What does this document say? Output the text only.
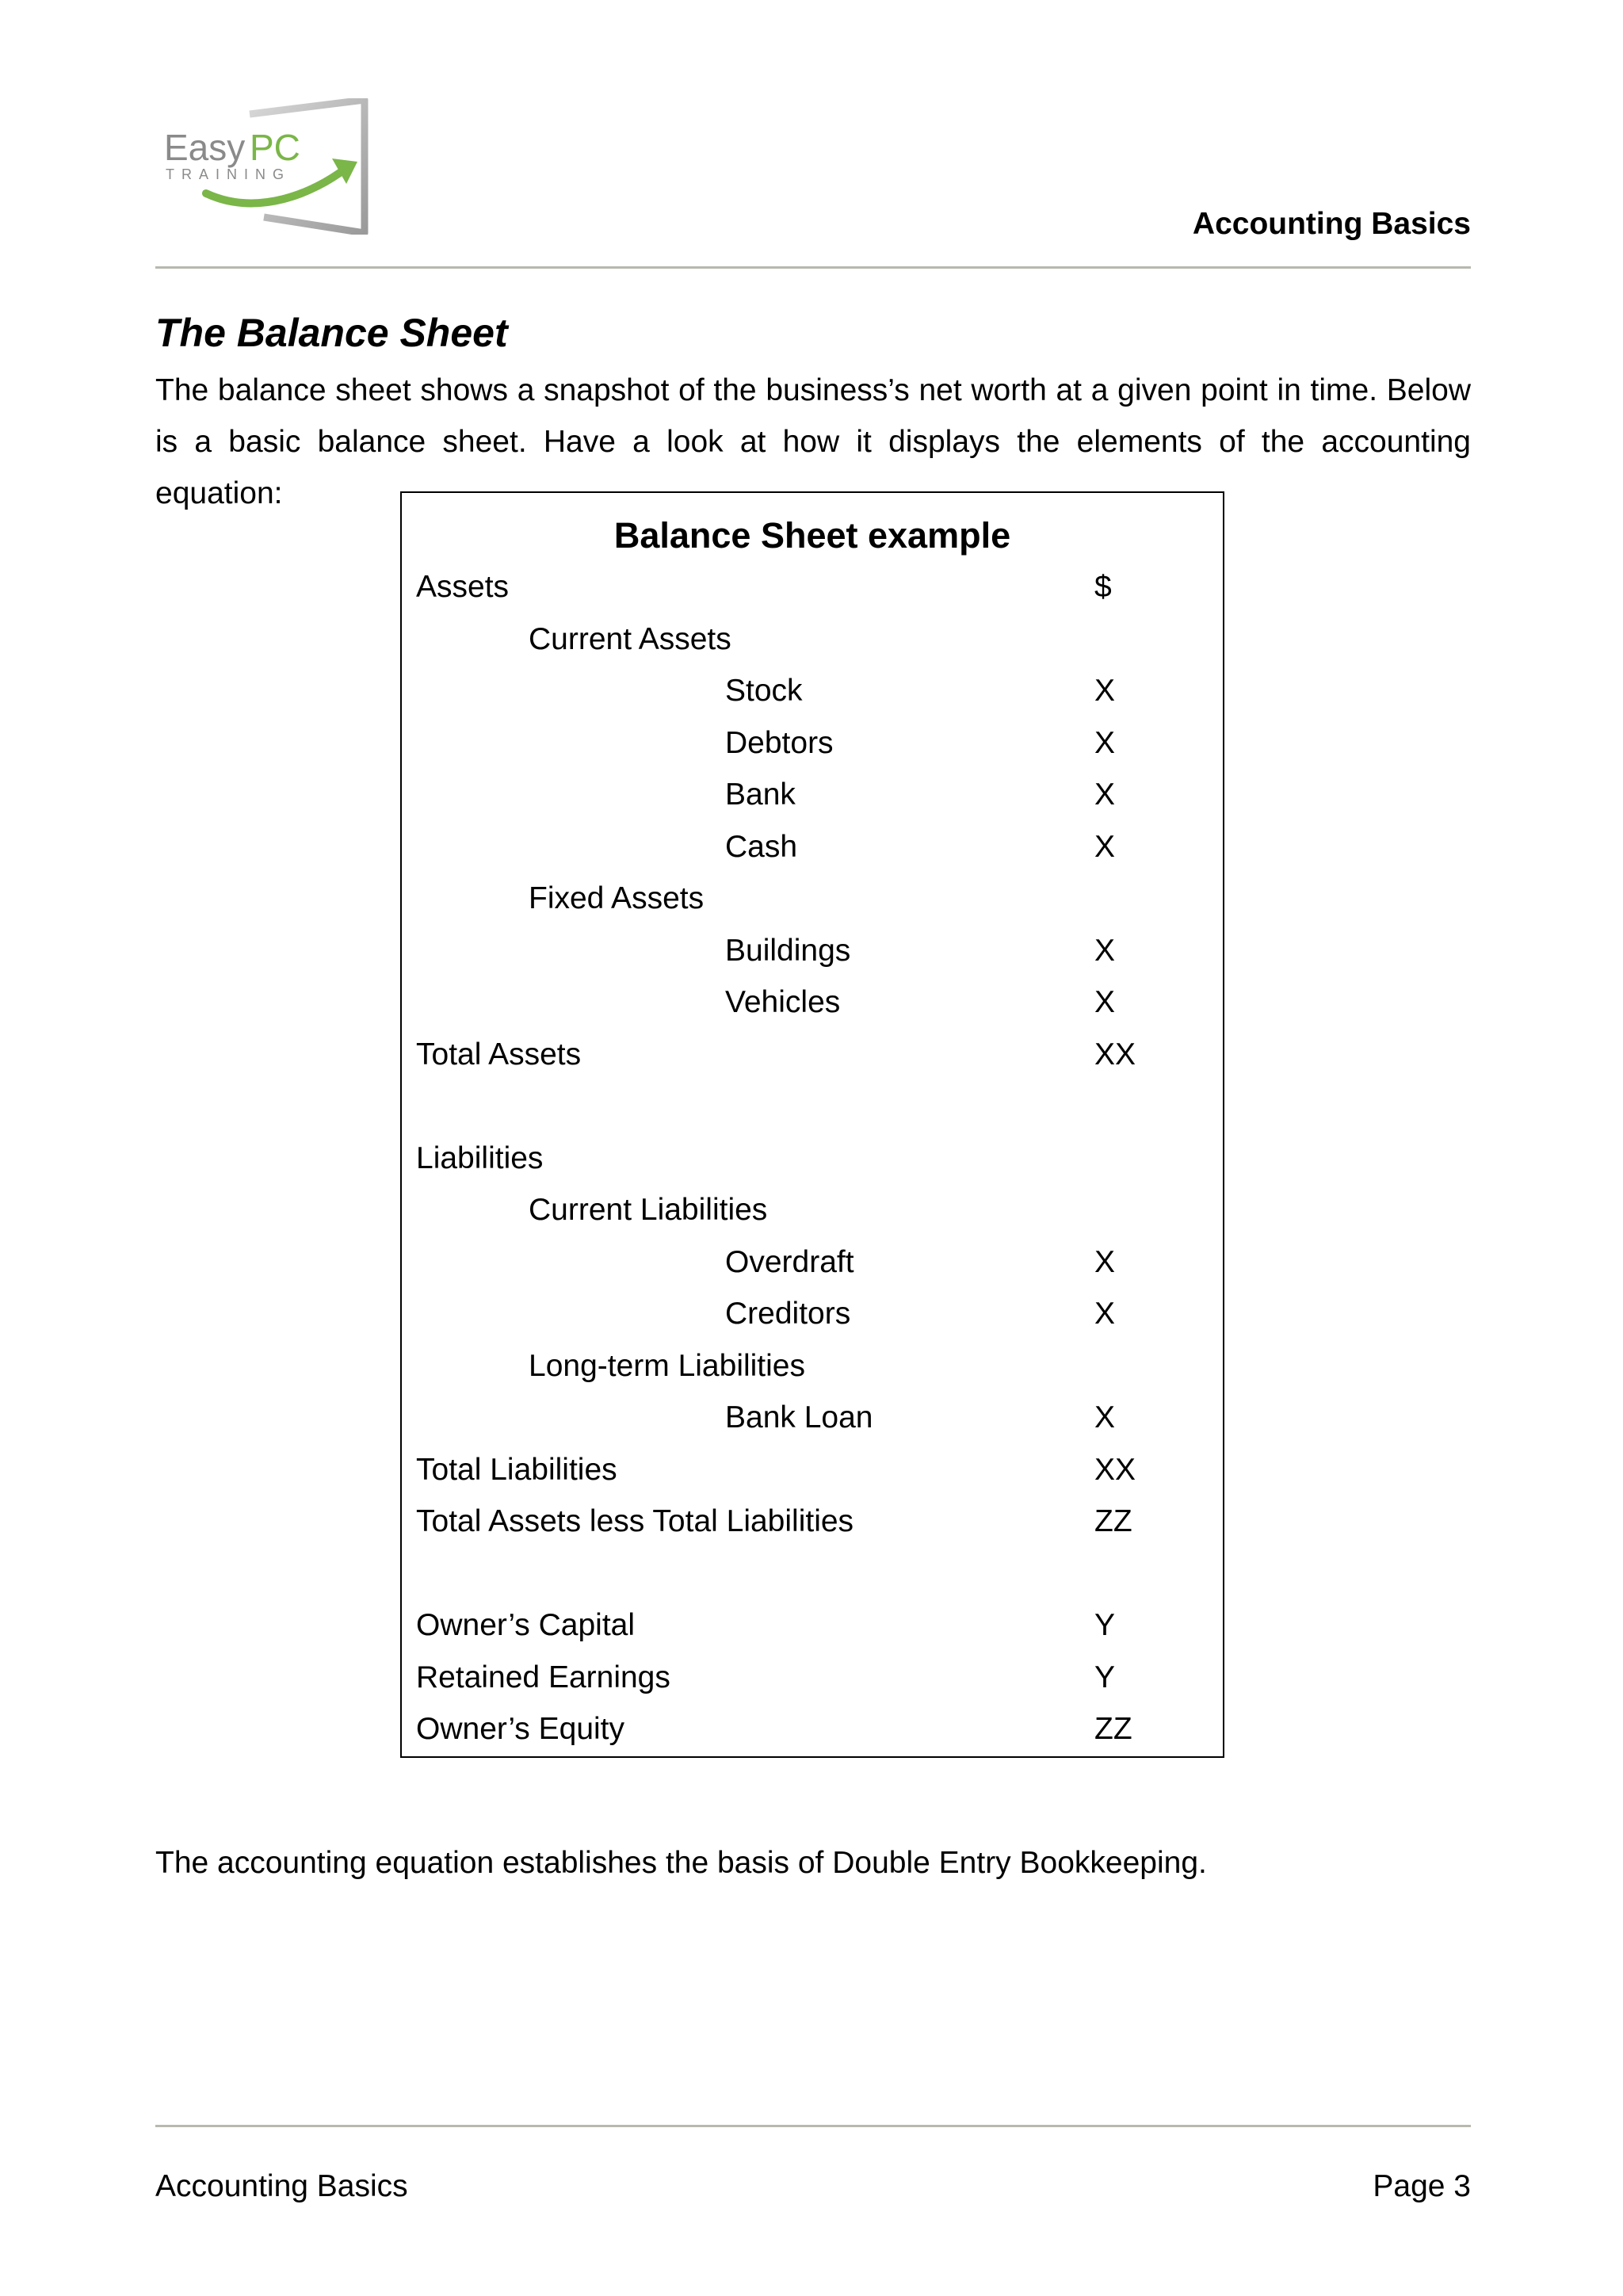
Easy PC
TRAINING
Accounting Basics
The Balance Sheet
The balance sheet shows a snapshot of the business’s net worth at a given point in time. Below is a basic balance sheet. Have a look at how it displays the elements of the accounting equation:
Balance Sheet example
Assets	$
Current Assets
Stock	X
Debtors	X
Bank	X
Cash	X
Fixed Assets
Buildings	X
Vehicles	X
Total Assets	XX
Liabilities
Current Liabilities
Overdraft	X
Creditors	X
Long-term Liabilities
Bank Loan	X
Total Liabilities	XX
Total Assets less Total Liabilities	ZZ
Owner’s Capital	Y
Retained Earnings	Y
Owner’s Equity	ZZ
The accounting equation establishes the basis of Double Entry Bookkeeping.
Accounting Basics	Page 3
